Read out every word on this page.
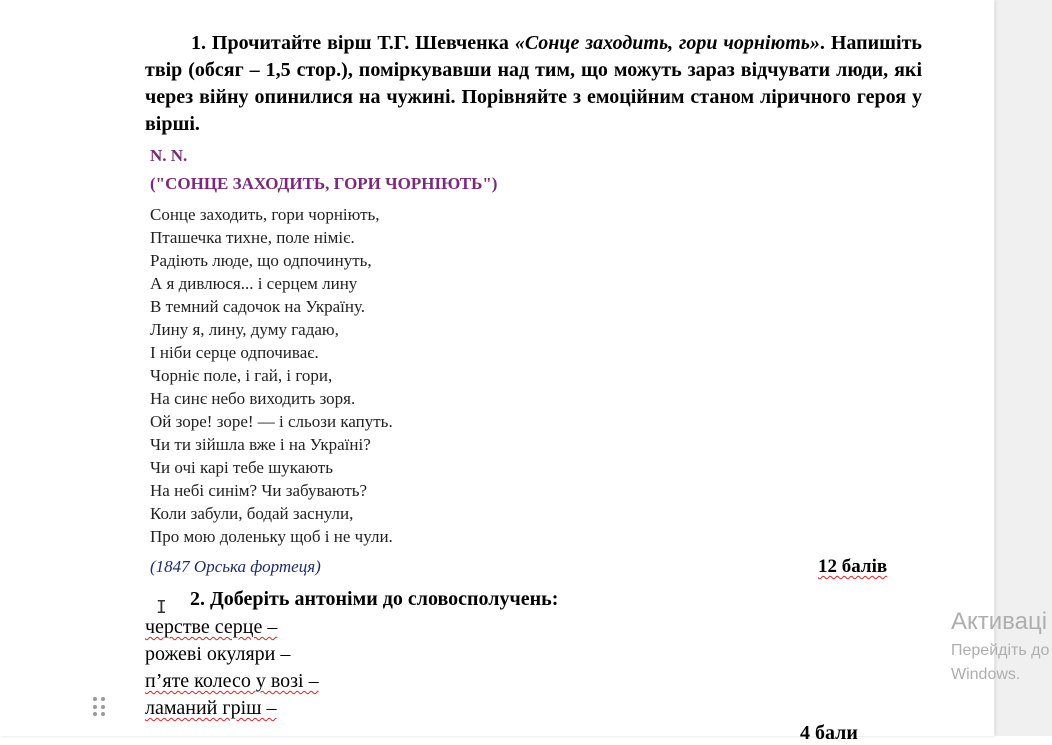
1. Прочитайте вірш Т.Г. Шевченка «Сонце заходить, гори чорніють». Напишіть твір (обсяг – 1,5 стор.), поміркувавши над тим, що можуть зараз відчувати люди, які через війну опинилися на чужині. Порівняйте з емоційним станом ліричного героя у вірші.
N. N.
("СОНЦЕ ЗАХОДИТЬ, ГОРИ ЧОРНІЮТЬ")
Сонце заходить, гори чорніють,
Пташечка тихне, поле німіє.
Радіють люде, що одпочинуть,
А я дивлюся... і серцем лину
В темний садочок на Україну.
Лину я, лину, думу гадаю,
І ніби серце одпочиває.
Чорніє поле, і гай, і гори,
На синє небо виходить зоря.
Ой зоре! зоре! — і сльози капуть.
Чи ти зійшла вже і на Україні?
Чи очі карі тебе шукають
На небі синім? Чи забувають?
Коли забули, бодай заснули,
Про мою доленьку щоб і не чули.
(1847 Орська фортеця)	12 балів
I 2. Доберіть антоніми до словосполучень:
черстве серце –
рожеві окуляри –
п’яте колесо у возі –
ламаний гріш –
4 бали
Активаці
Перейдіть до
Windows.
